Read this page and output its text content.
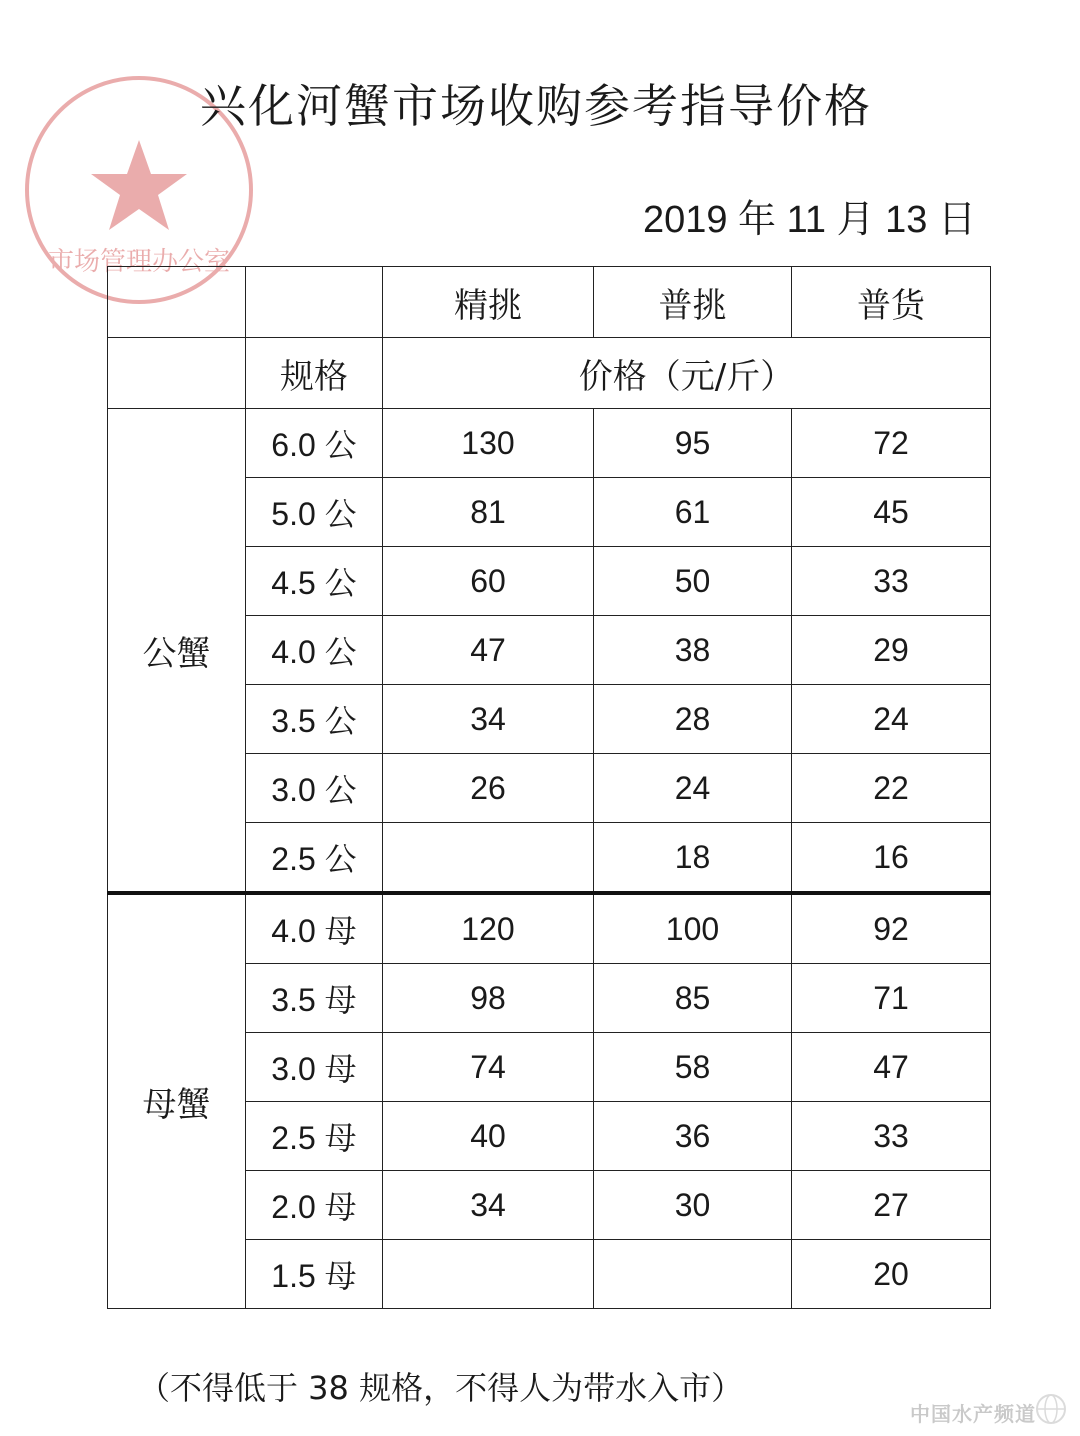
市场管理办公室
兴化河蟹市场收购参考指导价格
2019 年 11 月 13 日
		精挑	普挑	普货
	规格	价格（元/斤）		
公蟹	6.0 公	130	95	72
	5.0 公	81	61	45
	4.5 公	60	50	33
	4.0 公	47	38	29
	3.5 公	34	28	24
	3.0 公	26	24	22
	2.5 公		18	16
母蟹	4.0 母	120	100	92
	3.5 母	98	85	71
	3.0 母	74	58	47
	2.5 母	40	36	33
	2.0 母	34	30	27
	1.5 母			20
（不得低于 38 规格，不得人为带水入市）
中国水产频道
